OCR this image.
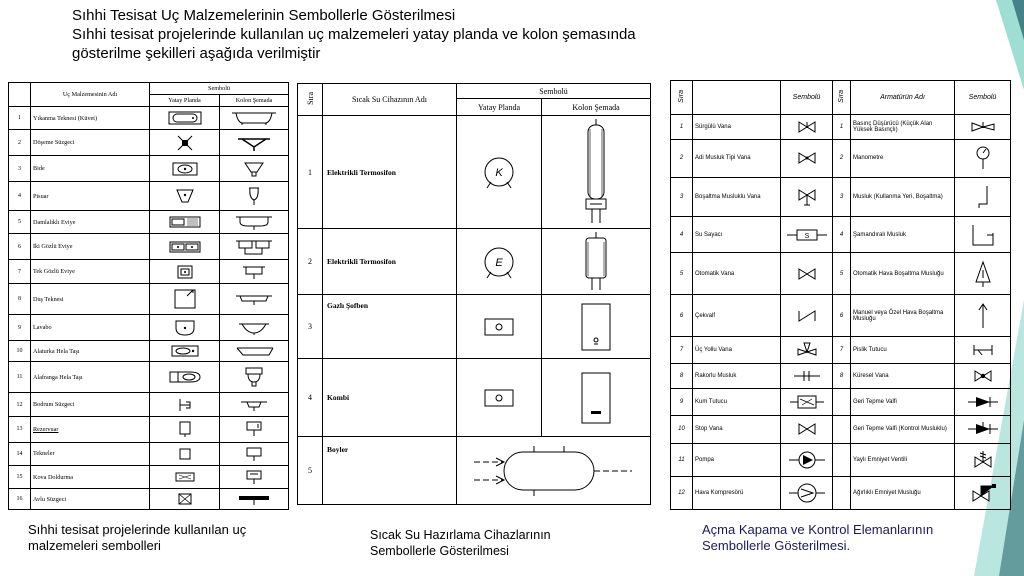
Sıhhi Tesisat Uç Malzemelerinin Sembollerle Gösterilmesi
Sıhhi tesisat projelerinde kullanılan uç malzemeleri yatay planda ve kolon şemasında
gösterilme şekilleri aşağıda verilmiştir
	Uç Malzemesinin Adı	Sembolü	
		Yatay Planda	Kolon Şemada
1	Yıkanma Teknesi (Küvet)	

2	Döşeme Süzgeci	

3	Bide	

4	Pisuar	

5	Damlalıklı Eviye	

6	İki Gözlü Eviye	

7	Tek Gözlü Eviye	

8	Duş Teknesi	

9	Lavabo	

10	Alaturka Hela Taşı	

11	Alafranga Hela Taşı	

12	Bodrum Süzgeci	

13	Rezervuar	

14	Tekneler	

15	Kova Doldurma	

16	Avlu Süzgeci	

Sıra	Sıcak Su Cihazının Adı	Sembolü	
		Yatay Planda	Kolon Şemada
1	Elektrikli Termosifon	K

2	Elektrikli Termosifon	E

3	Gazlı Şofben	

4	Kombi	

5	Boyler	
Sıra		Sembolü	Sıra	Armatürün Adı	Sembolü
1	Sürgülü Vana		1	Basınç Düşürücü (Küçük Alan Yüksek Basınçlı)	

2	Adi Musluk Tipi Vana		2	Manometre	

3	Boşaltma Musluklu Vana		3	Musluk (Kullanma Yeri, Boşaltma)	

4	Su Sayacı	S	4	Şamandıralı Musluk	

5	Otomatik Vana		5	Otomatik Hava Boşaltma Musluğu	

6	Çekvalf		6	Manuel veya Özel Hava Boşaltma Musluğu	

7	Üç Yollu Vana		7	Pislik Tutucu	

8	Rakorlu Musluk		8	Küresel Vana	

9	Kum Tutucu			Geri Tepme Valfi	

10	Stop Vana			Geri Tepme Valfi (Kontrol Musluklu)	

11	Pompa			Yaylı Emniyet Ventili	

12	Hava Kompresörü			Ağırlıklı Emniyet Musluğu	
Sıhhi tesisat projelerinde kullanılan uç malzemeleri sembolleri
Sıcak Su Hazırlama Cihazlarının Sembollerle Gösterilmesi
Açma Kapama ve Kontrol Elemanlarının Sembollerle Gösterilmesi.
